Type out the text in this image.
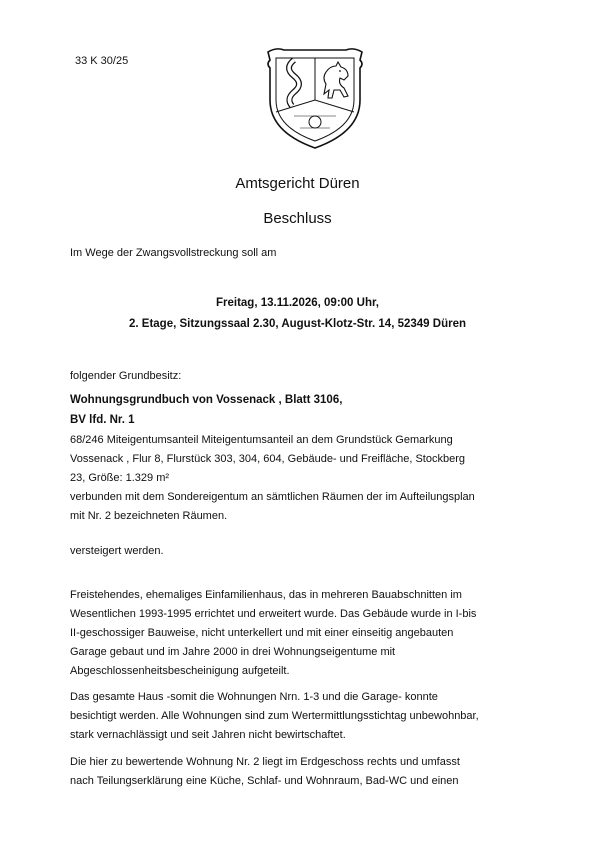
33 K 30/25
Amtsgericht Düren
Beschluss
Im Wege der Zwangsvollstreckung soll am
Freitag, 13.11.2026, 09:00 Uhr,
2. Etage, Sitzungssaal 2.30, August-Klotz-Str. 14, 52349 Düren
folgender Grundbesitz:
Wohnungsgrundbuch von Vossenack , Blatt 3106,
BV lfd. Nr. 1
68/246 Miteigentumsanteil Miteigentumsanteil an dem Grundstück Gemarkung
Vossenack , Flur 8, Flurstück 303, 304, 604, Gebäude- und Freifläche, Stockberg
23, Größe: 1.329 m²
verbunden mit dem Sondereigentum an sämtlichen Räumen der im Aufteilungsplan
mit Nr. 2 bezeichneten Räumen.
versteigert werden.
Freistehendes, ehemaliges Einfamilienhaus, das in mehreren Bauabschnitten im
Wesentlichen 1993-1995 errichtet und erweitert wurde. Das Gebäude wurde in I-bis
II-geschossiger Bauweise, nicht unterkellert und mit einer einseitig angebauten
Garage gebaut und im Jahre 2000 in drei Wohnungseigentume mit
Abgeschlossenheitsbescheinigung aufgeteilt.
Das gesamte Haus -somit die Wohnungen Nrn. 1-3 und die Garage- konnte
besichtigt werden. Alle Wohnungen sind zum Wertermittlungsstichtag unbewohnbar,
stark vernachlässigt und seit Jahren nicht bewirtschaftet.
Die hier zu bewertende Wohnung Nr. 2 liegt im Erdgeschoss rechts und umfasst
nach Teilungserklärung eine Küche, Schlaf- und Wohnraum, Bad-WC und einen
